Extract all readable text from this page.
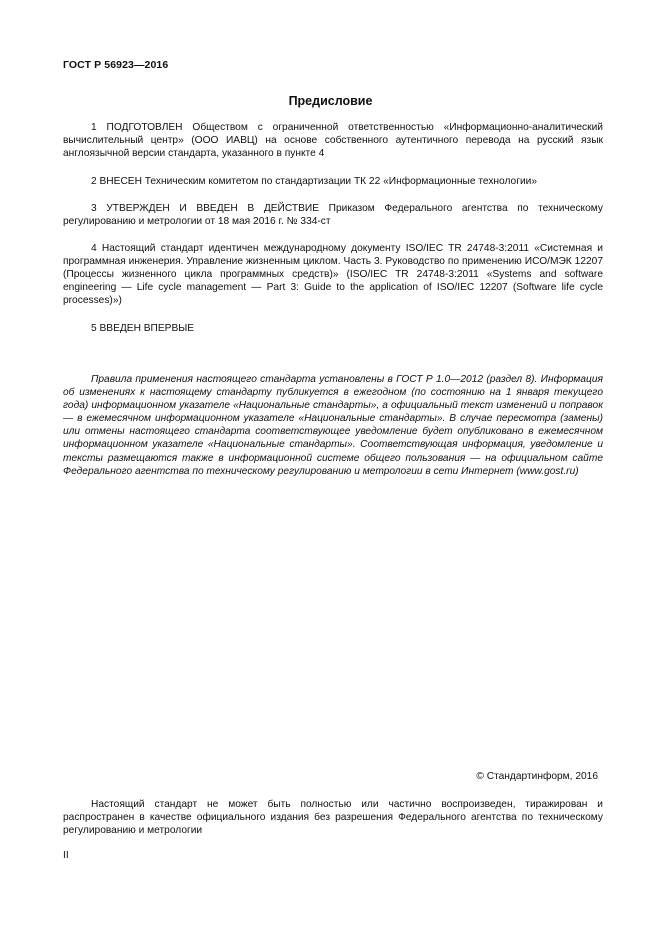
ГОСТ Р 56923—2016
Предисловие

1 ПОДГОТОВЛЕН Обществом с ограниченной ответственностью «Информационно-аналитический вычислительный центр» (ООО ИАВЦ) на основе собственного аутентичного перевода на русский язык англоязычной версии стандарта, указанного в пункте 4

2 ВНЕСЕН Техническим комитетом по стандартизации ТК 22 «Информационные технологии»

3 УТВЕРЖДЕН И ВВЕДЕН В ДЕЙСТВИЕ Приказом Федерального агентства по техническому регулированию и метрологии от 18 мая 2016 г. № 334-ст

4 Настоящий стандарт идентичен международному документу ISO/IEC TR 24748-3:2011 «Системная и программная инженерия. Управление жизненным циклом. Часть 3. Руководство по применению ИСО/МЭК 12207 (Процессы жизненного цикла программных средств)» (ISO/IEC TR 24748-3:2011 «Systems and software engineering — Life cycle management — Part 3: Guide to the application of ISO/IEC 12207 (Software life cycle processes)»)

5 ВВЕДЕН ВПЕРВЫЕ

Правила применения настоящего стандарта установлены в ГОСТ Р 1.0—2012 (раздел 8). Информация об изменениях к настоящему стандарту публикуется в ежегодном (по состоянию на 1 января текущего года) информационном указателе «Национальные стандарты», а официальный текст изменений и поправок — в ежемесячном информационном указателе «Национальные стандарты». В случае пересмотра (замены) или отмены настоящего стандарта соответствующее уведомление будет опубликовано в ежемесячном информационном указателе «Национальные стандарты». Соответствующая информация, уведомление и тексты размещаются также в информационной системе общего пользования — на официальном сайте Федерального агентства по техническому регулированию и метрологии в сети Интернет (www.gost.ru)

© Стандартинформ, 2016

Настоящий стандарт не может быть полностью или частично воспроизведен, тиражирован и распространен в качестве официального издания без разрешения Федерального агентства по техническому регулированию и метрологии

II
